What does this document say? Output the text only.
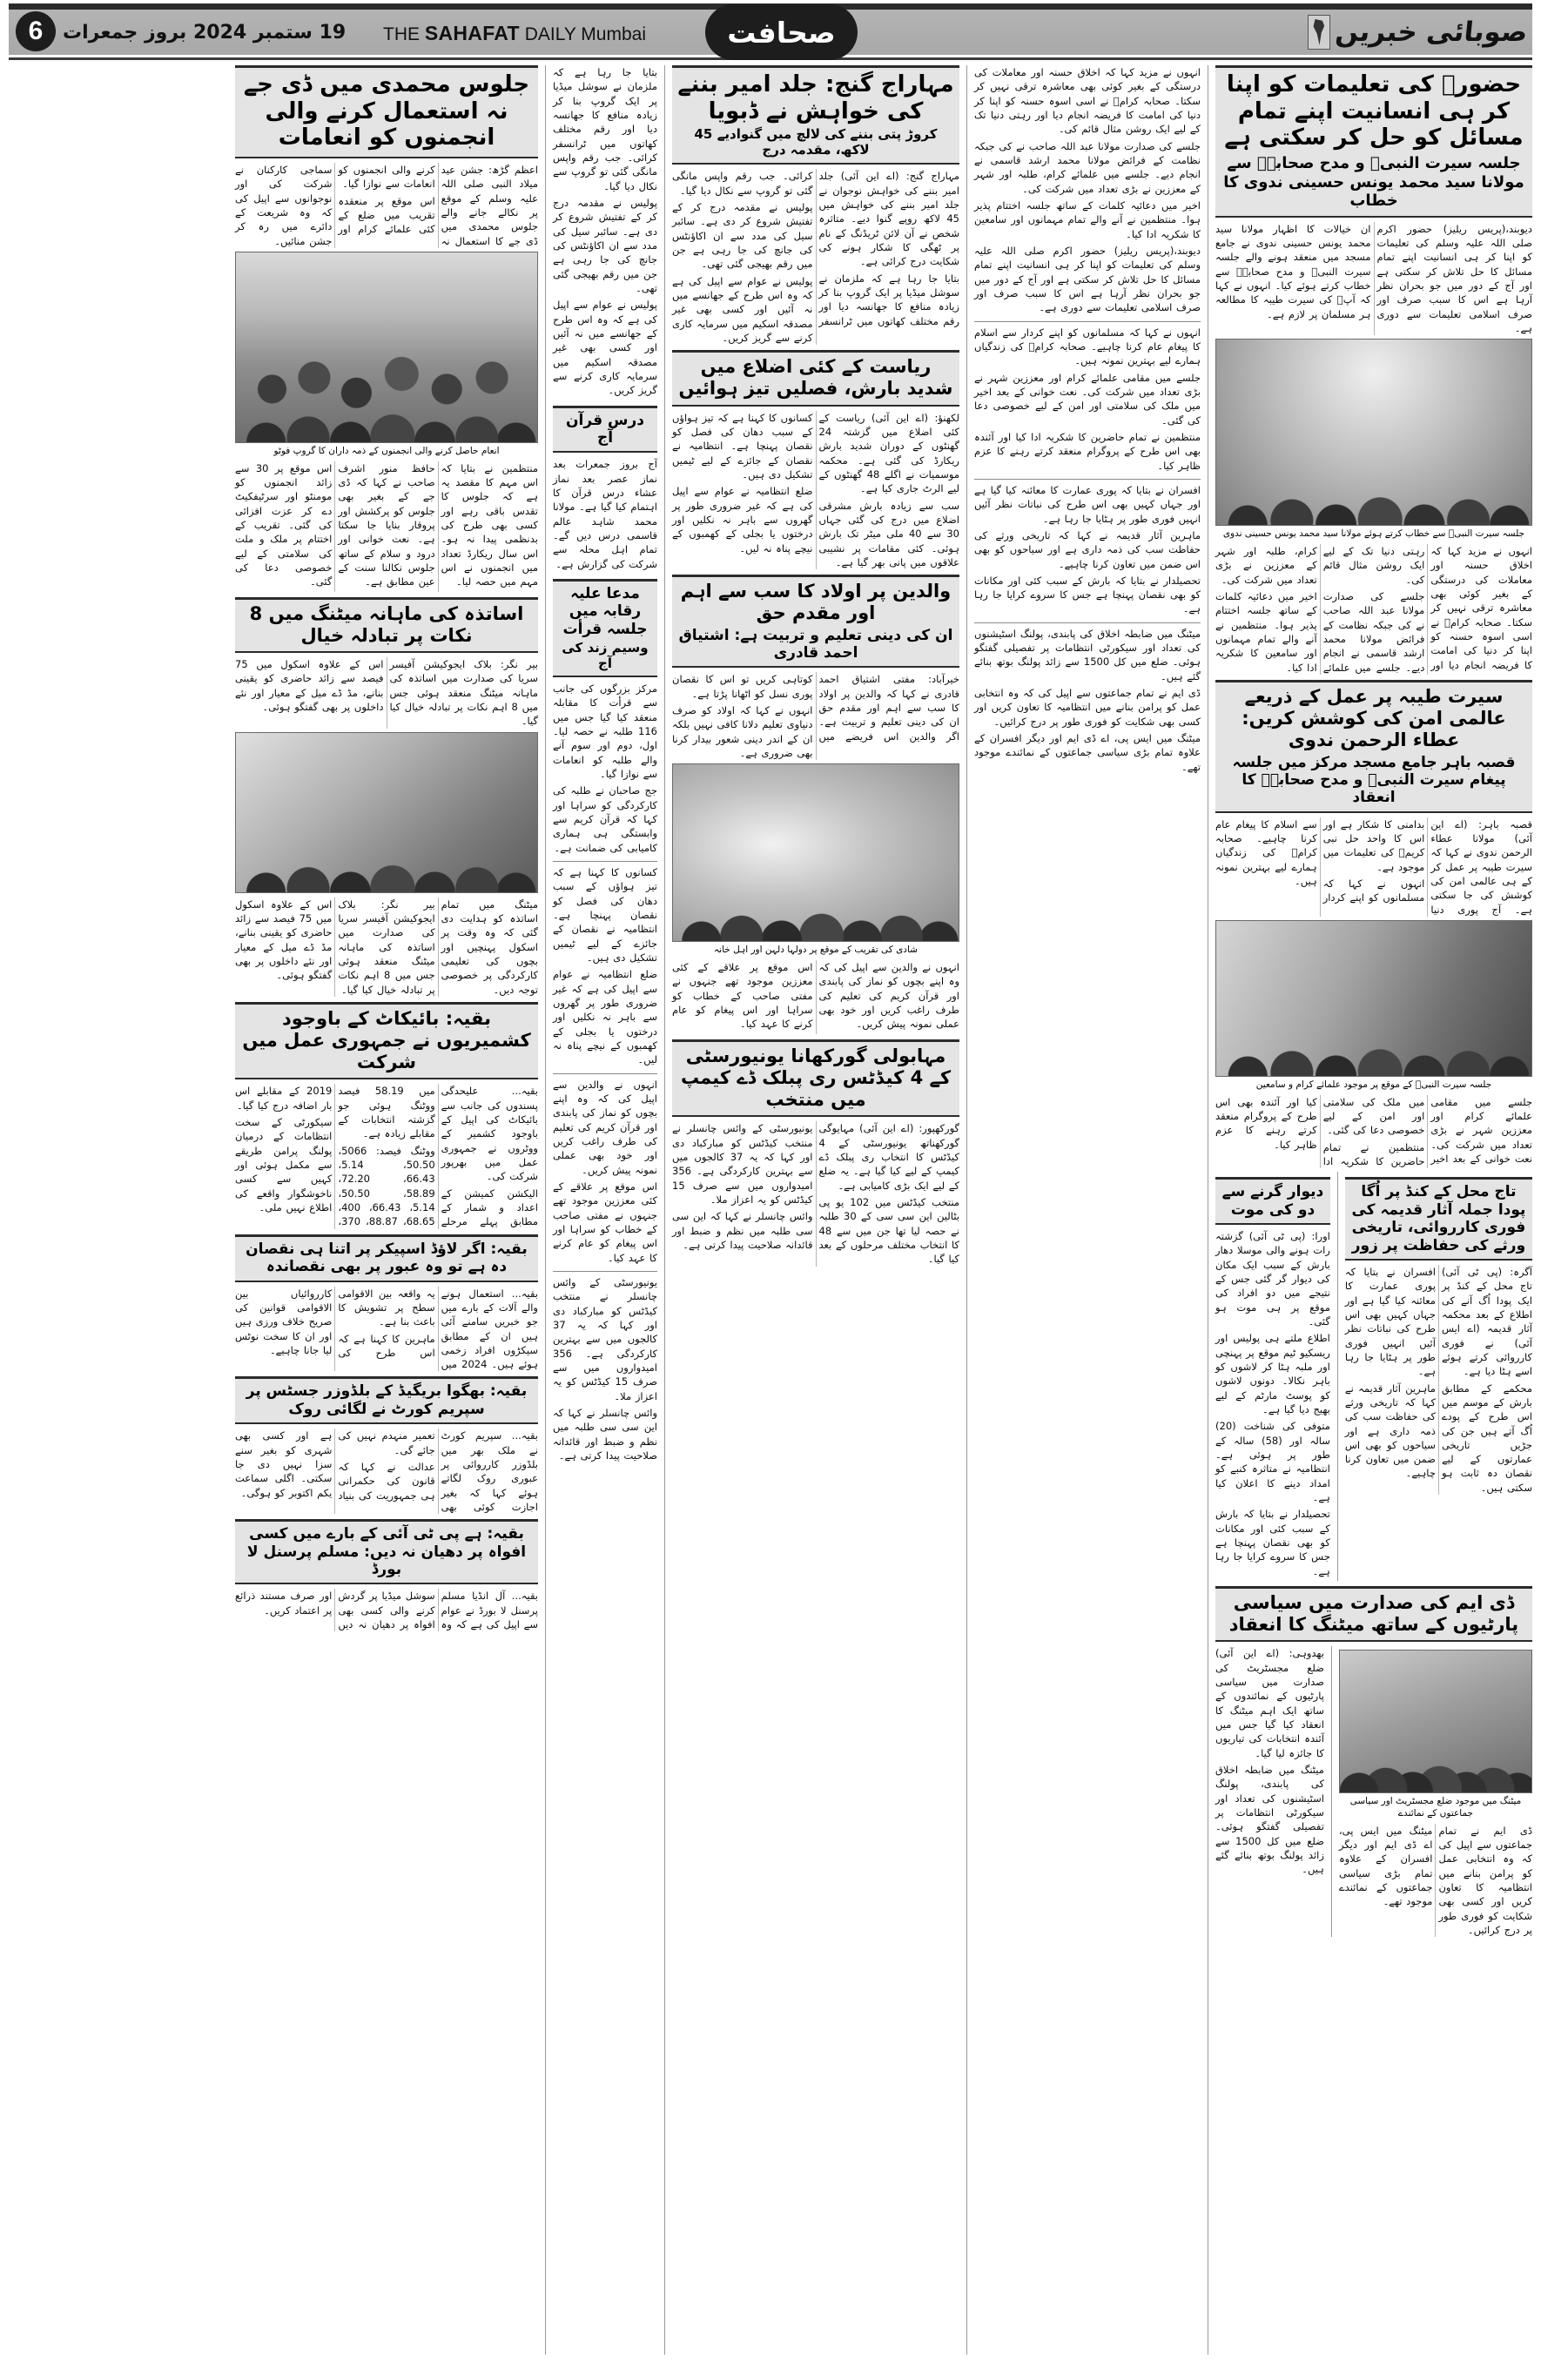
صوبائی خبریں
THE SAHAFAT DAILY Mumbai	صحافت
19 ستمبر 2024 بروز جمعرات
6
حضورؐ کی تعلیمات کو اپنا کر ہی انسانیت اپنے تمام مسائل کو حل کر سکتی ہے
جلسہ سیرت النبیؐ و مدح صحابہؓ سے مولانا سید محمد یونس حسینی ندوی کا خطاب

دیوبند،(پریس ریلیز) حضور اکرم صلی اللہ علیہ وسلم کی تعلیمات کو اپنا کر ہی انسانیت اپنے تمام مسائل کا حل تلاش کر سکتی ہے اور آج کے دور میں جو بحران نظر آرہا ہے اس کا سبب صرف اور صرف اسلامی تعلیمات سے دوری ہے۔

ان خیالات کا اظہار مولانا سید محمد یونس حسینی ندوی نے جامع مسجد میں منعقد ہونے والے جلسہ سیرت النبیؐ و مدح صحابہؓ سے خطاب کرتے ہوئے کیا۔ انہوں نے کہا کہ آپؐ کی سیرت طیبہ کا مطالعہ ہر مسلمان پر لازم ہے۔

جلسہ سیرت النبیؐ سے خطاب کرتے ہوئے مولانا سید محمد یونس حسینی ندوی

انہوں نے مزید کہا کہ اخلاق حسنہ اور معاملات کی درستگی کے بغیر کوئی بھی معاشرہ ترقی نہیں کر سکتا۔ صحابہ کرامؓ نے اسی اسوہ حسنہ کو اپنا کر دنیا کی امامت کا فریضہ انجام دیا اور رہتی دنیا تک کے لیے ایک روشن مثال قائم کی۔

جلسے کی صدارت مولانا عبد اللہ صاحب نے کی جبکہ نظامت کے فرائض مولانا محمد ارشد قاسمی نے انجام دیے۔ جلسے میں علمائے کرام، طلبہ اور شہر کے معززین نے بڑی تعداد میں شرکت کی۔

اخیر میں دعائیہ کلمات کے ساتھ جلسہ اختتام پذیر ہوا۔ منتظمین نے آنے والے تمام مہمانوں اور سامعین کا شکریہ ادا کیا۔

سیرت طیبہ پر عمل کے ذریعے عالمی امن کی کوشش کریں: عطاء الرحمن ندوی
قصبہ باہر جامع مسجد مرکز میں جلسہ پیغام سیرت النبیؐ و مدح صحابہؓ کا انعقاد

قصبہ باہر: (اے این آئی) مولانا عطاء الرحمن ندوی نے کہا کہ سیرت طیبہ پر عمل کر کے ہی عالمی امن کی کوشش کی جا سکتی ہے۔ آج پوری دنیا بدامنی کا شکار ہے اور اس کا واحد حل نبی کریمؐ کی تعلیمات میں موجود ہے۔

انہوں نے کہا کہ مسلمانوں کو اپنے کردار سے اسلام کا پیغام عام کرنا چاہیے۔ صحابہ کرامؓ کی زندگیاں ہمارے لیے بہترین نمونہ ہیں۔

جلسہ سیرت النبیؐ کے موقع پر موجود علمائے کرام و سامعین

جلسے میں مقامی علمائے کرام اور معززین شہر نے بڑی تعداد میں شرکت کی۔ نعت خوانی کے بعد اخیر میں ملک کی سلامتی اور امن کے لیے خصوصی دعا کی گئی۔

منتظمین نے تمام حاضرین کا شکریہ ادا کیا اور آئندہ بھی اس طرح کے پروگرام منعقد کرتے رہنے کا عزم ظاہر کیا۔

تاج محل کے کنڈ پر اُگا پودا جملہ آثار قدیمہ کی فوری کارروائی، تاریخی ورثے کی حفاظت پر زور

آگرہ: (پی ٹی آئی) تاج محل کے کنڈ پر ایک پودا اُگ آنے کی اطلاع کے بعد محکمہ آثار قدیمہ (اے ایس آئی) نے فوری کارروائی کرتے ہوئے اسے ہٹا دیا ہے۔

محکمے کے مطابق بارش کے موسم میں اس طرح کے پودے اُگ آتے ہیں جن کی جڑیں تاریخی عمارتوں کے لیے نقصان دہ ثابت ہو سکتی ہیں۔

افسران نے بتایا کہ پوری عمارت کا معائنہ کیا گیا ہے اور جہاں کہیں بھی اس طرح کی نباتات نظر آئیں انہیں فوری طور پر ہٹایا جا رہا ہے۔

ماہرین آثار قدیمہ نے کہا کہ تاریخی ورثے کی حفاظت سب کی ذمہ داری ہے اور سیاحوں کو بھی اس ضمن میں تعاون کرنا چاہیے۔

دیوار گرنے سے دو کی موت

اورا: (پی ٹی آئی) گزشتہ رات ہونے والی موسلا دھار بارش کے سبب ایک مکان کی دیوار گر گئی جس کے نتیجے میں دو افراد کی موقع پر ہی موت ہو گئی۔

اطلاع ملتے ہی پولیس اور ریسکیو ٹیم موقع پر پہنچی اور ملبہ ہٹا کر لاشوں کو باہر نکالا۔ دونوں لاشوں کو پوسٹ مارٹم کے لیے بھیج دیا گیا ہے۔

متوفی کی شناخت (20) سالہ اور (58) سالہ کے طور پر ہوئی ہے۔ انتظامیہ نے متاثرہ کنبے کو امداد دینے کا اعلان کیا ہے۔

تحصیلدار نے بتایا کہ بارش کے سبب کئی اور مکانات کو بھی نقصان پہنچا ہے جس کا سروے کرایا جا رہا ہے۔

ڈی ایم کی صدارت میں سیاسی پارٹیوں کے ساتھ میٹنگ کا انعقاد
میٹنگ میں موجود ضلع مجسٹریٹ اور سیاسی جماعتوں کے نمائندے

ڈی ایم نے تمام جماعتوں سے اپیل کی کہ وہ انتخابی عمل کو پرامن بنانے میں انتظامیہ کا تعاون کریں اور کسی بھی شکایت کو فوری طور پر درج کرائیں۔

میٹنگ میں ایس پی، اے ڈی ایم اور دیگر افسران کے علاوہ تمام بڑی سیاسی جماعتوں کے نمائندے موجود تھے۔

بھدوہی: (اے این آئی) ضلع مجسٹریٹ کی صدارت میں سیاسی پارٹیوں کے نمائندوں کے ساتھ ایک اہم میٹنگ کا انعقاد کیا گیا جس میں آئندہ انتخابات کی تیاریوں کا جائزہ لیا گیا۔

میٹنگ میں ضابطہ اخلاق کی پابندی، پولنگ اسٹیشنوں کی تعداد اور سیکورٹی انتظامات پر تفصیلی گفتگو ہوئی۔ ضلع میں کل 1500 سے زائد پولنگ بوتھ بنائے گئے ہیں۔

انہوں نے مزید کہا کہ اخلاق حسنہ اور معاملات کی درستگی کے بغیر کوئی بھی معاشرہ ترقی نہیں کر سکتا۔ صحابہ کرامؓ نے اسی اسوہ حسنہ کو اپنا کر دنیا کی امامت کا فریضہ انجام دیا اور رہتی دنیا تک کے لیے ایک روشن مثال قائم کی۔

جلسے کی صدارت مولانا عبد اللہ صاحب نے کی جبکہ نظامت کے فرائض مولانا محمد ارشد قاسمی نے انجام دیے۔ جلسے میں علمائے کرام، طلبہ اور شہر کے معززین نے بڑی تعداد میں شرکت کی۔

اخیر میں دعائیہ کلمات کے ساتھ جلسہ اختتام پذیر ہوا۔ منتظمین نے آنے والے تمام مہمانوں اور سامعین کا شکریہ ادا کیا۔

دیوبند،(پریس ریلیز) حضور اکرم صلی اللہ علیہ وسلم کی تعلیمات کو اپنا کر ہی انسانیت اپنے تمام مسائل کا حل تلاش کر سکتی ہے اور آج کے دور میں جو بحران نظر آرہا ہے اس کا سبب صرف اور صرف اسلامی تعلیمات سے دوری ہے۔

انہوں نے کہا کہ مسلمانوں کو اپنے کردار سے اسلام کا پیغام عام کرنا چاہیے۔ صحابہ کرامؓ کی زندگیاں ہمارے لیے بہترین نمونہ ہیں۔

جلسے میں مقامی علمائے کرام اور معززین شہر نے بڑی تعداد میں شرکت کی۔ نعت خوانی کے بعد اخیر میں ملک کی سلامتی اور امن کے لیے خصوصی دعا کی گئی۔

منتظمین نے تمام حاضرین کا شکریہ ادا کیا اور آئندہ بھی اس طرح کے پروگرام منعقد کرتے رہنے کا عزم ظاہر کیا۔

افسران نے بتایا کہ پوری عمارت کا معائنہ کیا گیا ہے اور جہاں کہیں بھی اس طرح کی نباتات نظر آئیں انہیں فوری طور پر ہٹایا جا رہا ہے۔

ماہرین آثار قدیمہ نے کہا کہ تاریخی ورثے کی حفاظت سب کی ذمہ داری ہے اور سیاحوں کو بھی اس ضمن میں تعاون کرنا چاہیے۔

تحصیلدار نے بتایا کہ بارش کے سبب کئی اور مکانات کو بھی نقصان پہنچا ہے جس کا سروے کرایا جا رہا ہے۔

میٹنگ میں ضابطہ اخلاق کی پابندی، پولنگ اسٹیشنوں کی تعداد اور سیکورٹی انتظامات پر تفصیلی گفتگو ہوئی۔ ضلع میں کل 1500 سے زائد پولنگ بوتھ بنائے گئے ہیں۔

ڈی ایم نے تمام جماعتوں سے اپیل کی کہ وہ انتخابی عمل کو پرامن بنانے میں انتظامیہ کا تعاون کریں اور کسی بھی شکایت کو فوری طور پر درج کرائیں۔

میٹنگ میں ایس پی، اے ڈی ایم اور دیگر افسران کے علاوہ تمام بڑی سیاسی جماعتوں کے نمائندے موجود تھے۔

مہاراج گنج: جلد امیر بننے کی خواہش نے ڈبویا
کروڑ پتی بننے کی لالچ میں گنوادیے 45 لاکھ، مقدمہ درج

مہاراج گنج: (اے این آئی) جلد امیر بننے کی خواہش نوجوان نے جلد امیر بننے کی خواہش میں 45 لاکھ روپے گنوا دیے۔ متاثرہ شخص نے آن لائن ٹریڈنگ کے نام پر ٹھگی کا شکار ہونے کی شکایت درج کرائی ہے۔

بتایا جا رہا ہے کہ ملزمان نے سوشل میڈیا پر ایک گروپ بنا کر زیادہ منافع کا جھانسہ دیا اور رقم مختلف کھاتوں میں ٹرانسفر کرائی۔ جب رقم واپس مانگی گئی تو گروپ سے نکال دیا گیا۔

پولیس نے مقدمہ درج کر کے تفتیش شروع کر دی ہے۔ سائبر سیل کی مدد سے ان اکاؤنٹس کی جانچ کی جا رہی ہے جن میں رقم بھیجی گئی تھی۔

پولیس نے عوام سے اپیل کی ہے کہ وہ اس طرح کے جھانسے میں نہ آئیں اور کسی بھی غیر مصدقہ اسکیم میں سرمایہ کاری کرنے سے گریز کریں۔

ریاست کے کئی اضلاع میں شدید بارش، فصلیں تیز ہوائیں

لکھنؤ: (اے این آئی) ریاست کے کئی اضلاع میں گزشتہ 24 گھنٹوں کے دوران شدید بارش ریکارڈ کی گئی ہے۔ محکمہ موسمیات نے اگلے 48 گھنٹوں کے لیے الرٹ جاری کیا ہے۔

سب سے زیادہ بارش مشرقی اضلاع میں درج کی گئی جہاں 30 سے 40 ملی میٹر تک بارش ہوئی۔ کئی مقامات پر نشیبی علاقوں میں پانی بھر گیا ہے۔

کسانوں کا کہنا ہے کہ تیز ہواؤں کے سبب دھان کی فصل کو نقصان پہنچا ہے۔ انتظامیہ نے نقصان کے جائزے کے لیے ٹیمیں تشکیل دی ہیں۔

ضلع انتظامیہ نے عوام سے اپیل کی ہے کہ غیر ضروری طور پر گھروں سے باہر نہ نکلیں اور درختوں یا بجلی کے کھمبوں کے نیچے پناہ نہ لیں۔

والدین پر اولاد کا سب سے اہم اور مقدم حق
ان کی دینی تعلیم و تربیت ہے: اشتیاق احمد قادری

خیرآباد: مفتی اشتیاق احمد قادری نے کہا کہ والدین پر اولاد کا سب سے اہم اور مقدم حق ان کی دینی تعلیم و تربیت ہے۔ اگر والدین اس فریضے میں کوتاہی کریں تو اس کا نقصان پوری نسل کو اٹھانا پڑتا ہے۔

انہوں نے کہا کہ اولاد کو صرف دنیاوی تعلیم دلانا کافی نہیں بلکہ ان کے اندر دینی شعور بیدار کرنا بھی ضروری ہے۔

شادی کی تقریب کے موقع پر دولہا دلہن اور اہل خانہ

انہوں نے والدین سے اپیل کی کہ وہ اپنے بچوں کو نماز کی پابندی اور قرآن کریم کی تعلیم کی طرف راغب کریں اور خود بھی عملی نمونہ پیش کریں۔

اس موقع پر علاقے کے کئی معززین موجود تھے جنہوں نے مفتی صاحب کے خطاب کو سراہا اور اس پیغام کو عام کرنے کا عہد کیا۔

مہابولی گورکھانا یونیورسٹی کے 4 کیڈٹس ری پبلک ڈے کیمپ میں منتخب

گورکھپور: (اے این آئی) مہایوگی گورکھناتھ یونیورسٹی کے 4 کیڈٹس کا انتخاب ری پبلک ڈے کیمپ کے لیے کیا گیا ہے۔ یہ ضلع کے لیے ایک بڑی کامیابی ہے۔

منتخب کیڈٹس میں 102 یو پی بٹالین این سی سی کے 30 طلبہ نے حصہ لیا تھا جن میں سے 48 کا انتخاب مختلف مرحلوں کے بعد کیا گیا۔

یونیورسٹی کے وائس چانسلر نے منتخب کیڈٹس کو مبارکباد دی اور کہا کہ یہ 37 کالجوں میں سے بہترین کارکردگی ہے۔ 356 امیدواروں میں سے صرف 15 کیڈٹس کو یہ اعزاز ملا۔

وائس چانسلر نے کہا کہ این سی سی طلبہ میں نظم و ضبط اور قائدانہ صلاحیت پیدا کرتی ہے۔

بتایا جا رہا ہے کہ ملزمان نے سوشل میڈیا پر ایک گروپ بنا کر زیادہ منافع کا جھانسہ دیا اور رقم مختلف کھاتوں میں ٹرانسفر کرائی۔ جب رقم واپس مانگی گئی تو گروپ سے نکال دیا گیا۔

پولیس نے مقدمہ درج کر کے تفتیش شروع کر دی ہے۔ سائبر سیل کی مدد سے ان اکاؤنٹس کی جانچ کی جا رہی ہے جن میں رقم بھیجی گئی تھی۔

پولیس نے عوام سے اپیل کی ہے کہ وہ اس طرح کے جھانسے میں نہ آئیں اور کسی بھی غیر مصدقہ اسکیم میں سرمایہ کاری کرنے سے گریز کریں۔

درس قرآن آج

آج بروز جمعرات بعد نماز عصر بعد نماز عشاء درس قرآن کا اہتمام کیا گیا ہے۔ مولانا محمد شاہد عالم قاسمی درس دیں گے۔ تمام اہل محلہ سے شرکت کی گزارش ہے۔

مدعا علیہ رقابہ میں جلسہ قرأت
وسیم زند کی آج

مرکز بزرگوں کی جانب سے قرأت کا مقابلہ منعقد کیا گیا جس میں 116 طلبہ نے حصہ لیا۔ اول، دوم اور سوم آنے والے طلبہ کو انعامات سے نوازا گیا۔

جج صاحبان نے طلبہ کی کارکردگی کو سراہا اور کہا کہ قرآن کریم سے وابستگی ہی ہماری کامیابی کی ضمانت ہے۔

کسانوں کا کہنا ہے کہ تیز ہواؤں کے سبب دھان کی فصل کو نقصان پہنچا ہے۔ انتظامیہ نے نقصان کے جائزے کے لیے ٹیمیں تشکیل دی ہیں۔

ضلع انتظامیہ نے عوام سے اپیل کی ہے کہ غیر ضروری طور پر گھروں سے باہر نہ نکلیں اور درختوں یا بجلی کے کھمبوں کے نیچے پناہ نہ لیں۔

انہوں نے والدین سے اپیل کی کہ وہ اپنے بچوں کو نماز کی پابندی اور قرآن کریم کی تعلیم کی طرف راغب کریں اور خود بھی عملی نمونہ پیش کریں۔

اس موقع پر علاقے کے کئی معززین موجود تھے جنہوں نے مفتی صاحب کے خطاب کو سراہا اور اس پیغام کو عام کرنے کا عہد کیا۔

یونیورسٹی کے وائس چانسلر نے منتخب کیڈٹس کو مبارکباد دی اور کہا کہ یہ 37 کالجوں میں سے بہترین کارکردگی ہے۔ 356 امیدواروں میں سے صرف 15 کیڈٹس کو یہ اعزاز ملا۔

وائس چانسلر نے کہا کہ این سی سی طلبہ میں نظم و ضبط اور قائدانہ صلاحیت پیدا کرتی ہے۔

جلوس محمدی میں ڈی جے نہ استعمال کرنے والی انجمنوں کو انعامات

اعظم گڑھ: جشن عید میلاد النبی صلی اللہ علیہ وسلم کے موقع پر نکالے جانے والے جلوس محمدی میں ڈی جے کا استعمال نہ کرنے والی انجمنوں کو انعامات سے نوازا گیا۔

اس موقع پر منعقدہ تقریب میں ضلع کے کئی علمائے کرام اور سماجی کارکنان نے شرکت کی اور نوجوانوں سے اپیل کی کہ وہ شریعت کے دائرے میں رہ کر جشن منائیں۔

انعام حاصل کرنے والی انجمنوں کے ذمہ داران کا گروپ فوٹو

منتظمین نے بتایا کہ اس مہم کا مقصد یہ ہے کہ جلوس کا تقدس باقی رہے اور کسی بھی طرح کی بدنظمی پیدا نہ ہو۔ اس سال ریکارڈ تعداد میں انجمنوں نے اس مہم میں حصہ لیا۔

حافظ منور اشرف صاحب نے کہا کہ ڈی جے کے بغیر بھی جلوس کو پرکشش اور پروقار بنایا جا سکتا ہے۔ نعت خوانی اور درود و سلام کے ساتھ جلوس نکالنا سنت کے عین مطابق ہے۔

اس موقع پر 30 سے زائد انجمنوں کو مومنٹو اور سرٹیفکیٹ دے کر عزت افزائی کی گئی۔ تقریب کے اختتام پر ملک و ملت کی سلامتی کے لیے خصوصی دعا کی گئی۔

اساتذہ کی ماہانہ میٹنگ میں 8 نکات پر تبادلہ خیال

بیر نگر: بلاک ایجوکیشن آفیسر سریا کی صدارت میں اساتذہ کی ماہانہ میٹنگ منعقد ہوئی جس میں 8 اہم نکات پر تبادلہ خیال کیا گیا۔

اس کے علاوہ اسکول میں 75 فیصد سے زائد حاضری کو یقینی بنانے، مڈ ڈے میل کے معیار اور نئے داخلوں پر بھی گفتگو ہوئی۔

میٹنگ میں تمام اساتذہ کو ہدایت دی گئی کہ وہ وقت پر اسکول پہنچیں اور بچوں کی تعلیمی کارکردگی پر خصوصی توجہ دیں۔

بیر نگر: بلاک ایجوکیشن آفیسر سریا کی صدارت میں اساتذہ کی ماہانہ میٹنگ منعقد ہوئی جس میں 8 اہم نکات پر تبادلہ خیال کیا گیا۔

اس کے علاوہ اسکول میں 75 فیصد سے زائد حاضری کو یقینی بنانے، مڈ ڈے میل کے معیار اور نئے داخلوں پر بھی گفتگو ہوئی۔

بقیہ: بائیکاٹ کے باوجود کشمیریوں نے جمہوری عمل میں شرکت

بقیہ... علیحدگی پسندوں کی جانب سے بائیکاٹ کی اپیل کے باوجود کشمیر کے ووٹروں نے جمہوری عمل میں بھرپور شرکت کی۔

الیکشن کمیشن کے اعداد و شمار کے مطابق پہلے مرحلے میں 58.19 فیصد ووٹنگ ہوئی جو گزشتہ انتخابات کے مقابلے زیادہ ہے۔

ووٹنگ فیصد: 5066، 50.50، 5.14، 66.43، 72.20، 58.89، 50.50، 5.14، 66.43، 400، 68.65، 88.87، 370، 2019 کے مقابلے اس بار اضافہ درج کیا گیا۔

سیکورٹی کے سخت انتظامات کے درمیان پولنگ پرامن طریقے سے مکمل ہوئی اور کہیں سے کسی ناخوشگوار واقعے کی اطلاع نہیں ملی۔

بقیہ: اگر لاؤڈ اسپیکر پر اتنا ہی نقصان دہ ہے تو وہ عبور پر بھی نقصاندہ

بقیہ... استعمال ہونے والے آلات کے بارے میں جو خبریں سامنے آئی ہیں ان کے مطابق سیکڑوں افراد زخمی ہوئے ہیں۔ 2024 میں یہ واقعہ بین الاقوامی سطح پر تشویش کا باعث بنا ہے۔

ماہرین کا کہنا ہے کہ اس طرح کی کارروائیاں بین الاقوامی قوانین کی صریح خلاف ورزی ہیں اور ان کا سخت نوٹس لیا جانا چاہیے۔

بقیہ: بھگوا بریگیڈ کے بلڈوزر جسٹس پر سپریم کورٹ نے لگائی روک

بقیہ... سپریم کورٹ نے ملک بھر میں بلڈوزر کارروائی پر عبوری روک لگاتے ہوئے کہا کہ بغیر اجازت کوئی بھی تعمیر منہدم نہیں کی جائے گی۔

عدالت نے کہا کہ قانون کی حکمرانی ہی جمہوریت کی بنیاد ہے اور کسی بھی شہری کو بغیر سنے سزا نہیں دی جا سکتی۔ اگلی سماعت یکم اکتوبر کو ہوگی۔

بقیہ: ہے پی ٹی آئی کے بارے میں کسی افواہ پر دھیان نہ دیں: مسلم پرسنل لا بورڈ

بقیہ... آل انڈیا مسلم پرسنل لا بورڈ نے عوام سے اپیل کی ہے کہ وہ سوشل میڈیا پر گردش کرنے والی کسی بھی افواہ پر دھیان نہ دیں اور صرف مستند ذرائع پر اعتماد کریں۔
